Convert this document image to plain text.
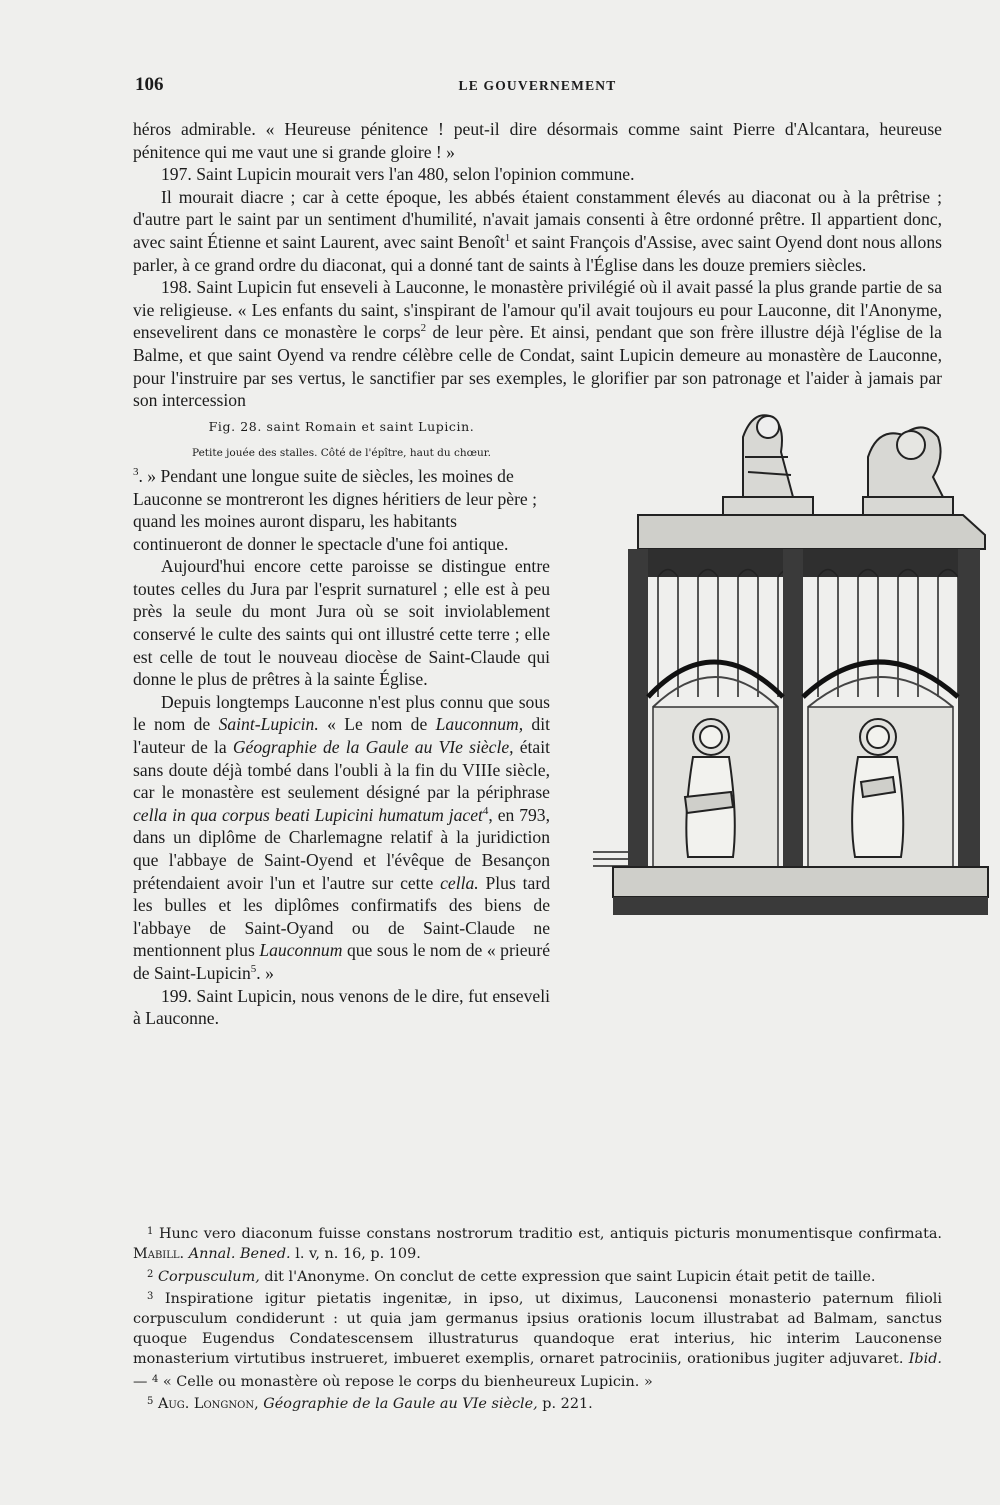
106	LE GOUVERNEMENT

héros admirable. « Heureuse pénitence ! peut-il dire désormais comme saint Pierre d'Alcantara, heureuse pénitence qui me vaut une si grande gloire ! »

197. Saint Lupicin mourait vers l'an 480, selon l'opinion commune.

Il mourait diacre ; car à cette époque, les abbés étaient constamment élevés au diaconat ou à la prêtrise ; d'autre part le saint par un sentiment d'humilité, n'avait jamais consenti à être ordonné prêtre. Il appartient donc, avec saint Étienne et saint Laurent, avec saint Benoît$^1$ et saint François d'Assise, avec saint Oyend dont nous allons parler, à ce grand ordre du diaconat, qui a donné tant de saints à l'Église dans les douze premiers siècles.

198. Saint Lupicin fut enseveli à Lauconne, le monastère privilégié où il avait passé la plus grande partie de sa vie religieuse. « Les enfants du saint, s'inspirant de l'amour qu'il avait toujours eu pour Lauconne, dit l'Anonyme, ensevelirent dans ce monastère le corps$^2$ de leur père. Et ainsi, pendant que son frère illustre déjà l'église de la Balme, et que saint Oyend va rendre célèbre celle de Condat, saint Lupicin demeure au monastère de Lauconne, pour l'instruire par ses vertus, le sanctifier par ses exemples, le glorifier par son patronage et l'aider à jamais par son intercession

Fig. 28. saint Romain et saint Lupicin.
Petite jouée des stalles. Côté de l'épître, haut du chœur.
$^3$. » Pendant une longue suite de siècles, les moines de Lauconne se montreront les dignes héritiers de leur père ; quand les moines auront disparu, les habitants continueront de donner le spectacle d'une foi antique.

Aujourd'hui encore cette paroisse se distingue entre toutes celles du Jura par l'esprit surnaturel ; elle est à peu près la seule du mont Jura où se soit inviolablement conservé le culte des saints qui ont illustré cette terre ; elle est celle de tout le nouveau diocèse de Saint-Claude qui donne le plus de prêtres à la sainte Église.

Depuis longtemps Lauconne n'est plus connu que sous le nom de Saint-Lupicin. « Le nom de Lauconnum, dit l'auteur de la Géographie de la Gaule au VIe siècle, était sans doute déjà tombé dans l'oubli à la fin du VIIIe siècle, car le monastère est seulement désigné par la périphrase cella in qua corpus beati Lupicini humatum jacet$^4$, en 793, dans un diplôme de Charlemagne relatif à la juridiction que l'abbaye de Saint-Oyend et l'évêque de Besançon prétendaient avoir l'un et l'autre sur cette cella. Plus tard les bulles et les diplômes confirmatifs des biens de l'abbaye de Saint-Oyand ou de Saint-Claude ne mentionnent plus Lauconnum que sous le nom de « prieuré de Saint-Lupicin$^5$. »

199. Saint Lupicin, nous venons de le dire, fut enseveli à Lauconne.

$^1$ Hunc vero diaconum fuisse constans nostrorum traditio est, antiquis picturis monumentisque confirmata. Mabill. Annal. Bened. l. v, n. 16, p. 109.

$^2$ Corpusculum, dit l'Anonyme. On conclut de cette expression que saint Lupicin était petit de taille.

$^3$ Inspiratione igitur pietatis ingenitæ, in ipso, ut diximus, Lauconensi monasterio paternum filioli corpusculum condiderunt : ut quia jam germanus ipsius orationis locum illustrabat ad Balmam, sanctus quoque Eugendus Condatescensem illustraturus quandoque erat interius, hic interim Lauconense monasterium virtutibus instrueret, imbueret exemplis, ornaret patrociniis, orationibus jugiter adjuvaret. Ibid. — $^4$ « Celle ou monastère où repose le corps du bienheureux Lupicin. »

$^5$ Aug. Longnon, Géographie de la Gaule au VIe siècle, p. 221.
